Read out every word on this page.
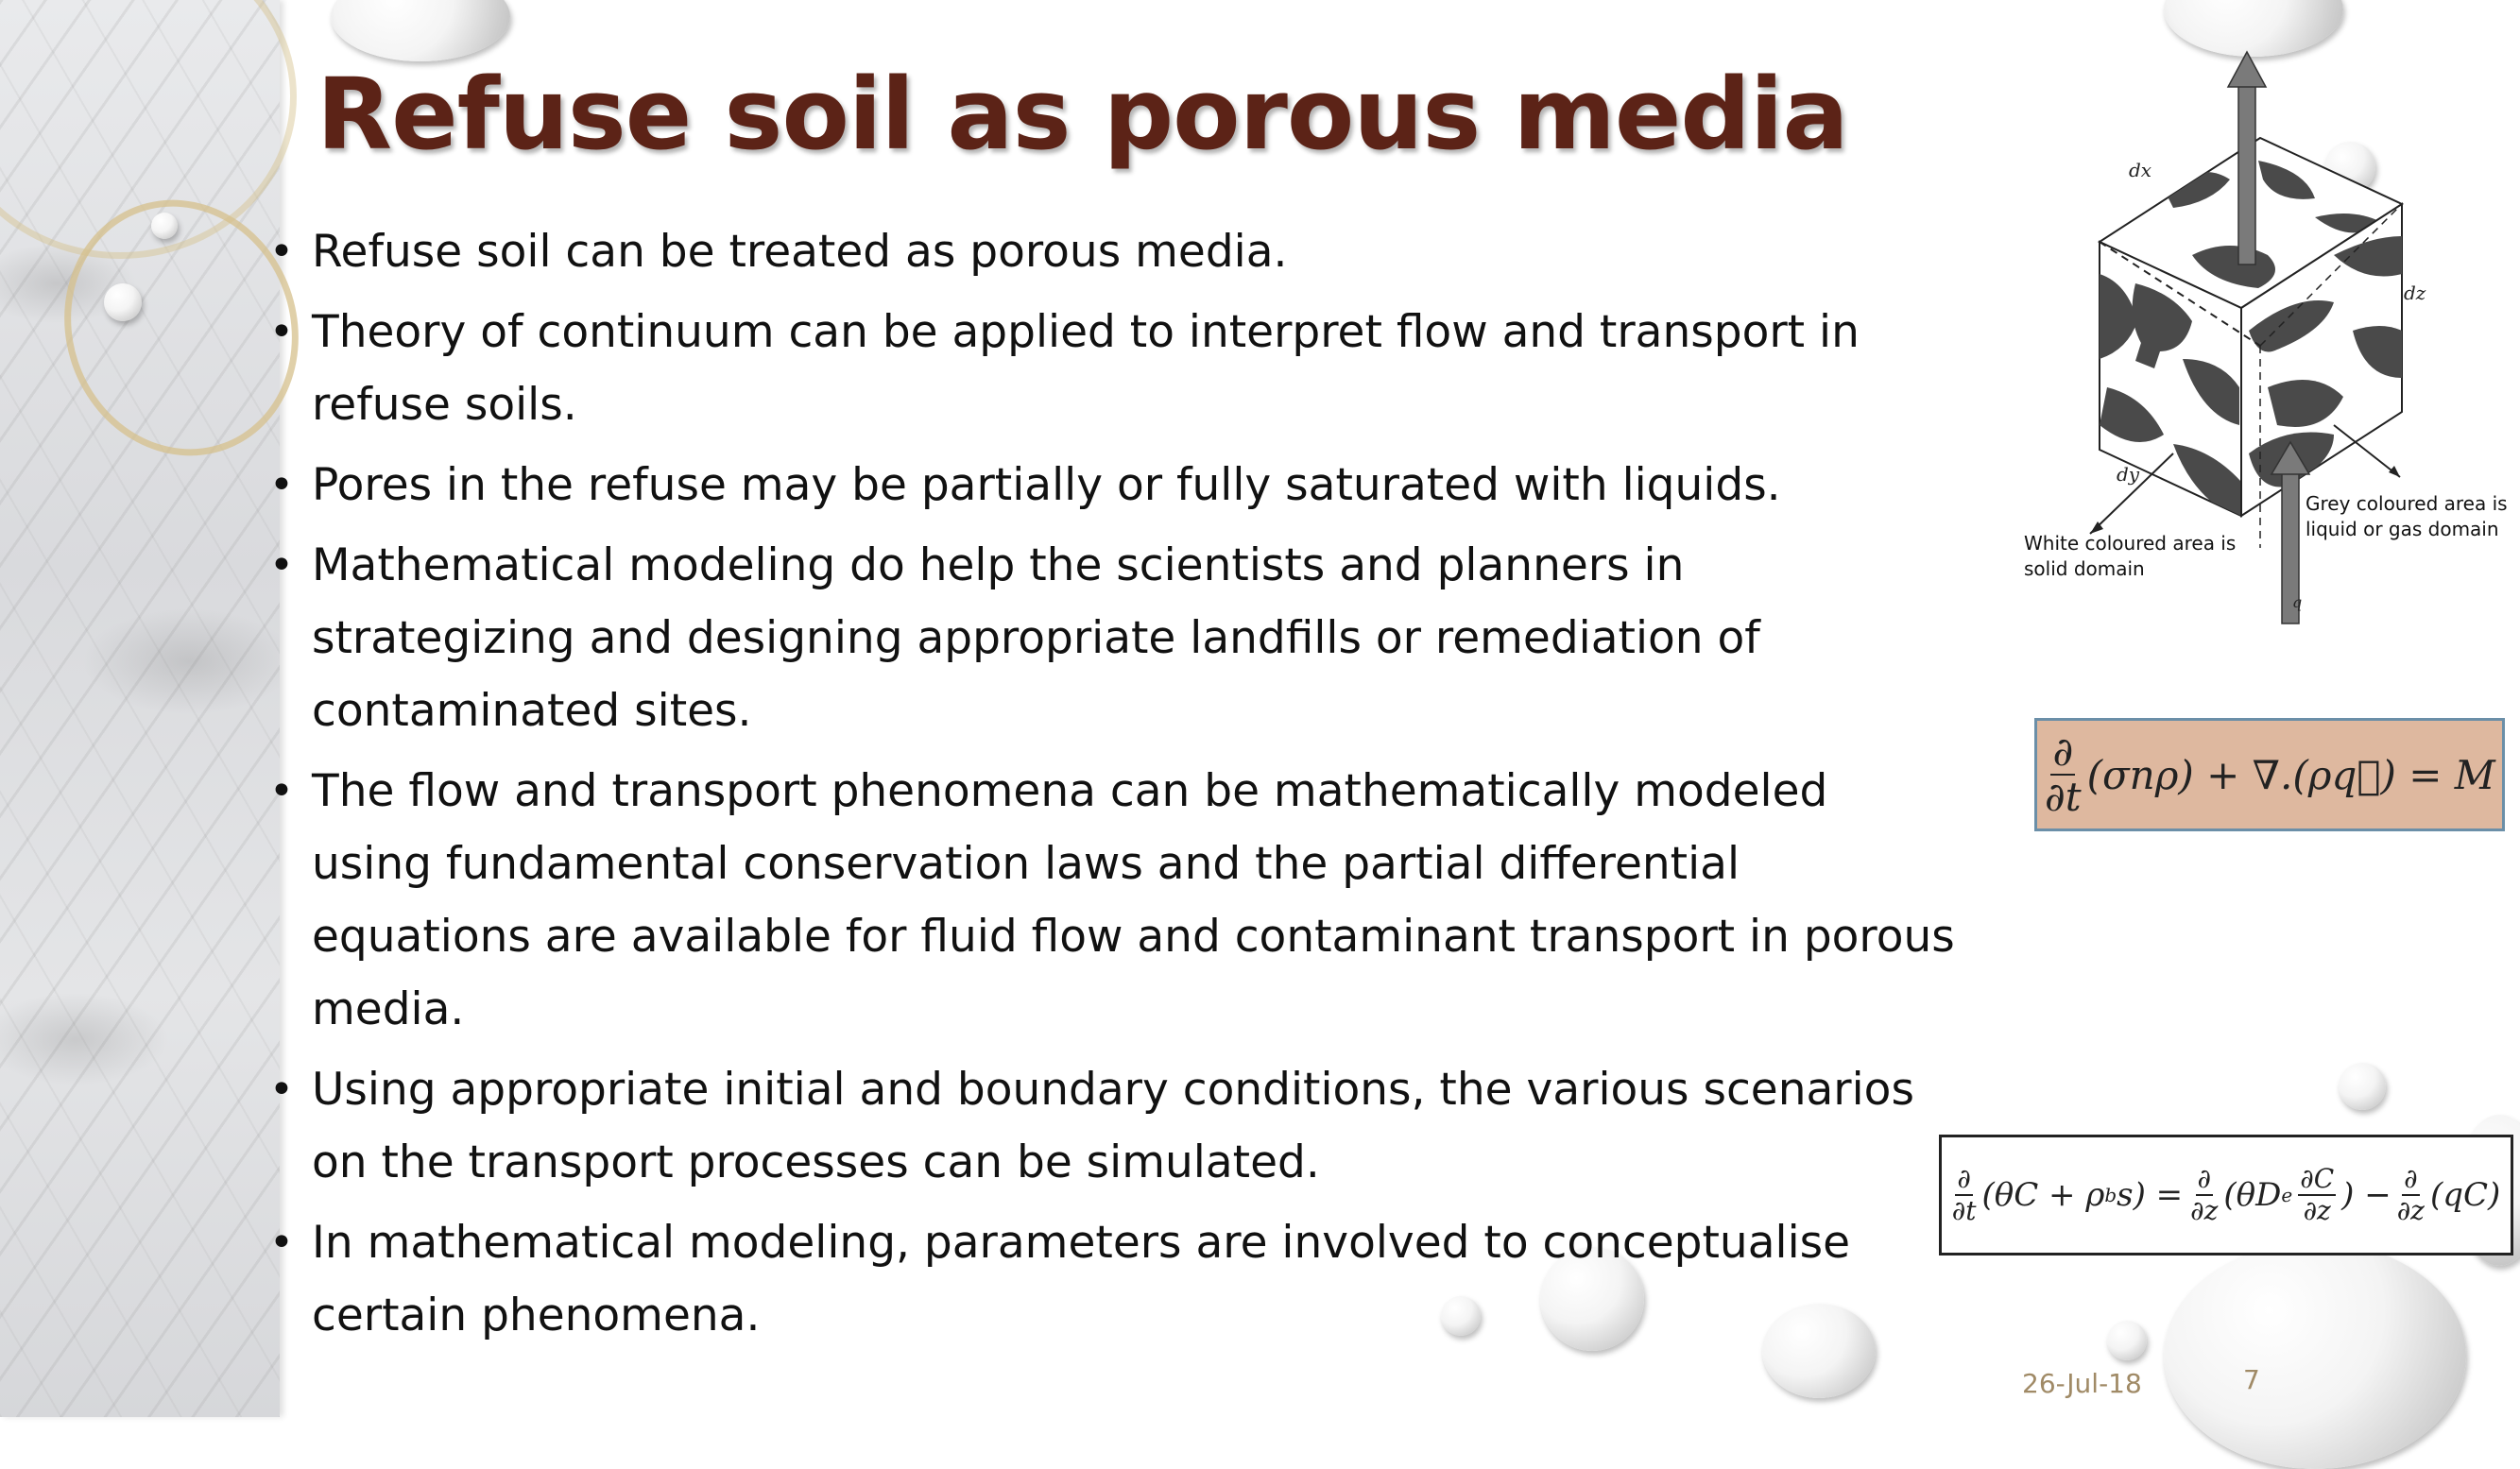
Refuse soil as porous media
• Refuse soil can be treated as porous media.
• Theory of continuum can be applied to interpret flow and transport in refuse soils.
• Pores in the refuse may be partially or fully saturated with liquids.
• Mathematical modeling do help the scientists and planners in strategizing and designing appropriate landfills or remediation of contaminated sites.
• The flow and transport phenomena can be mathematically modeled using fundamental conservation laws and the partial differential equations are available for fluid flow and contaminant transport in porous media.
• Using appropriate initial and boundary conditions, the various scenarios on the transport processes can be simulated.
• In mathematical modeling, parameters are involved to conceptualise certain phenomena.
dx
dz
dy
q
Grey coloured area is
liquid or gas domain
White coloured area is
solid domain
$\frac{\partial}{\partial t} (\sigma n\rho)$ + ∇.(ρq⃗) = M
$\frac{\partial}{\partial t} (\theta C + \rho$ b $s) = \frac{\partial}{\partial z} (\theta D$ e $\frac{\partial C}{\partial z}$ ) − $\frac{\partial}{\partial z} (qC)$
26-Jul-18	7
